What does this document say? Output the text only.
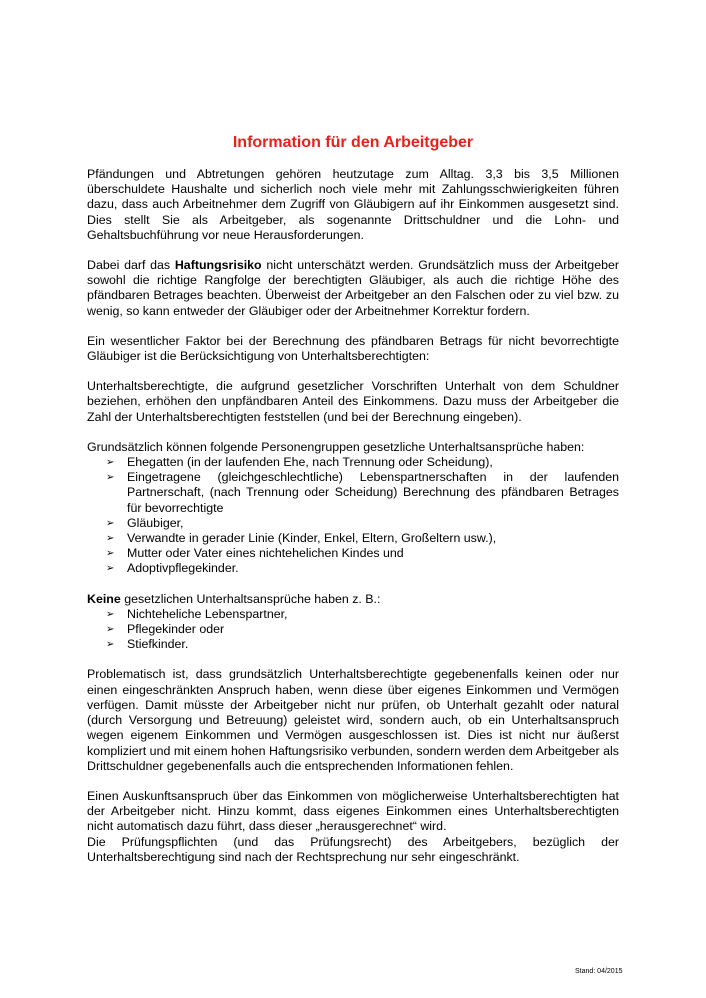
Information für den Arbeitgeber

Pfändungen und Abtretungen gehören heutzutage zum Alltag. 3,3 bis 3,5 Millionen überschuldete Haushalte und sicherlich noch viele mehr mit Zahlungsschwierigkeiten führen dazu, dass auch Arbeitnehmer dem Zugriff von Gläubigern auf ihr Einkommen ausgesetzt sind. Dies stellt Sie als Arbeitgeber, als sogenannte Drittschuldner und die Lohn- und Gehaltsbuchführung vor neue Herausforderungen.

Dabei darf das Haftungsrisiko nicht unterschätzt werden. Grundsätzlich muss der Arbeitgeber sowohl die richtige Rangfolge der berechtigten Gläubiger, als auch die richtige Höhe des pfändbaren Betrages beachten. Überweist der Arbeitgeber an den Falschen oder zu viel bzw. zu wenig, so kann entweder der Gläubiger oder der Arbeitnehmer Korrektur fordern.

Ein wesentlicher Faktor bei der Berechnung des pfändbaren Betrags für nicht bevorrechtigte Gläubiger ist die Berücksichtigung von Unterhaltsberechtigten:

Unterhaltsberechtigte, die aufgrund gesetzlicher Vorschriften Unterhalt von dem Schuldner beziehen, erhöhen den unpfändbaren Anteil des Einkommens. Dazu muss der Arbeitgeber die Zahl der Unterhaltsberechtigten feststellen (und bei der Berechnung eingeben).

Grundsätzlich können folgende Personengruppen gesetzliche Unterhaltsansprüche haben:

➢ Ehegatten (in der laufenden Ehe, nach Trennung oder Scheidung),
➢ Eingetragene (gleichgeschlechtliche) Lebenspartnerschaften in der laufenden Partnerschaft, (nach Trennung oder Scheidung) Berechnung des pfändbaren Betrages für bevorrechtigte
➢ Gläubiger,
➢ Verwandte in gerader Linie (Kinder, Enkel, Eltern, Großeltern usw.),
➢ Mutter oder Vater eines nichtehelichen Kindes und
➢ Adoptivpflegekinder.

Keine gesetzlichen Unterhaltsansprüche haben z. B.:

➢ Nichteheliche Lebenspartner,
➢ Pflegekinder oder
➢ Stiefkinder.

Problematisch ist, dass grundsätzlich Unterhaltsberechtigte gegebenenfalls keinen oder nur einen eingeschränkten Anspruch haben, wenn diese über eigenes Einkommen und Vermögen verfügen. Damit müsste der Arbeitgeber nicht nur prüfen, ob Unterhalt gezahlt oder natural (durch Versorgung und Betreuung) geleistet wird, sondern auch, ob ein Unterhaltsanspruch wegen eigenem Einkommen und Vermögen ausgeschlossen ist. Dies ist nicht nur äußerst kompliziert und mit einem hohen Haftungsrisiko verbunden, sondern werden dem Arbeitgeber als Drittschuldner gegebenenfalls auch die entsprechenden Informationen fehlen.

Einen Auskunftsanspruch über das Einkommen von möglicherweise Unterhaltsberechtigten hat der Arbeitgeber nicht. Hinzu kommt, dass eigenes Einkommen eines Unterhaltsberechtigten nicht automatisch dazu führt, dass dieser „herausgerechnet“ wird.

Die Prüfungspflichten (und das Prüfungsrecht) des Arbeitgebers, bezüglich der Unterhaltsberechtigung sind nach der Rechtsprechung nur sehr eingeschränkt.

Stand: 04/2015
